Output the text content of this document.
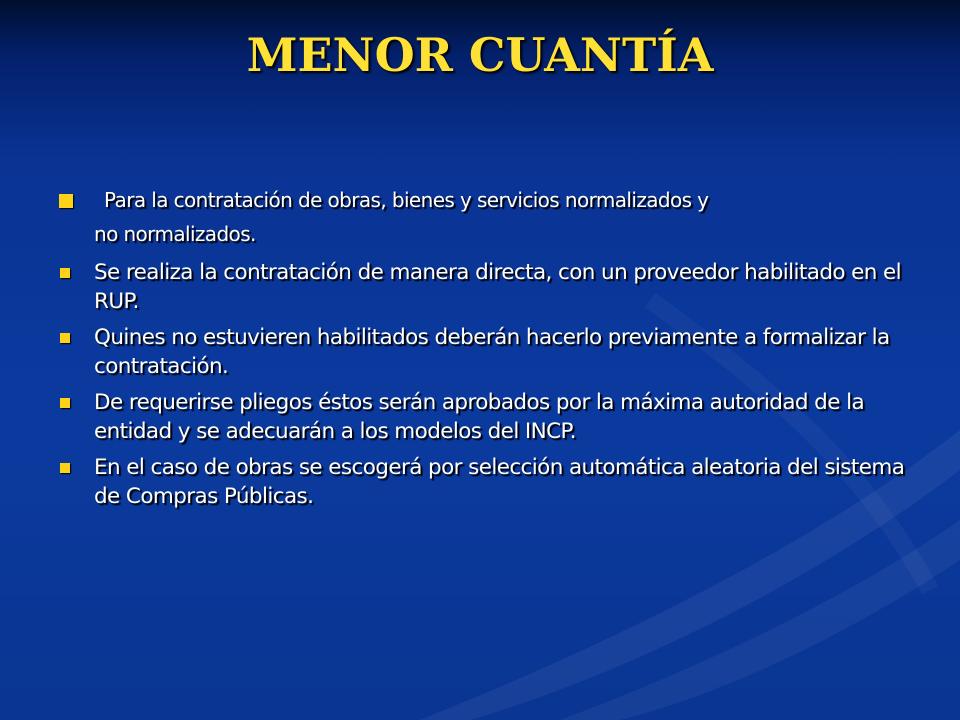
MENOR CUANTÍA
Para la contratación de obras, bienes y servicios normalizados y
no normalizados.
Se realiza la contratación de manera directa, con un proveedor habilitado en el RUP.
Quines no estuvieren habilitados deberán hacerlo previamente a formalizar la contratación.
De requerirse pliegos éstos serán aprobados por la máxima autoridad de la entidad y se adecuarán a los modelos del INCP.
En el caso de obras se escogerá por selección automática aleatoria del sistema de Compras Públicas.
